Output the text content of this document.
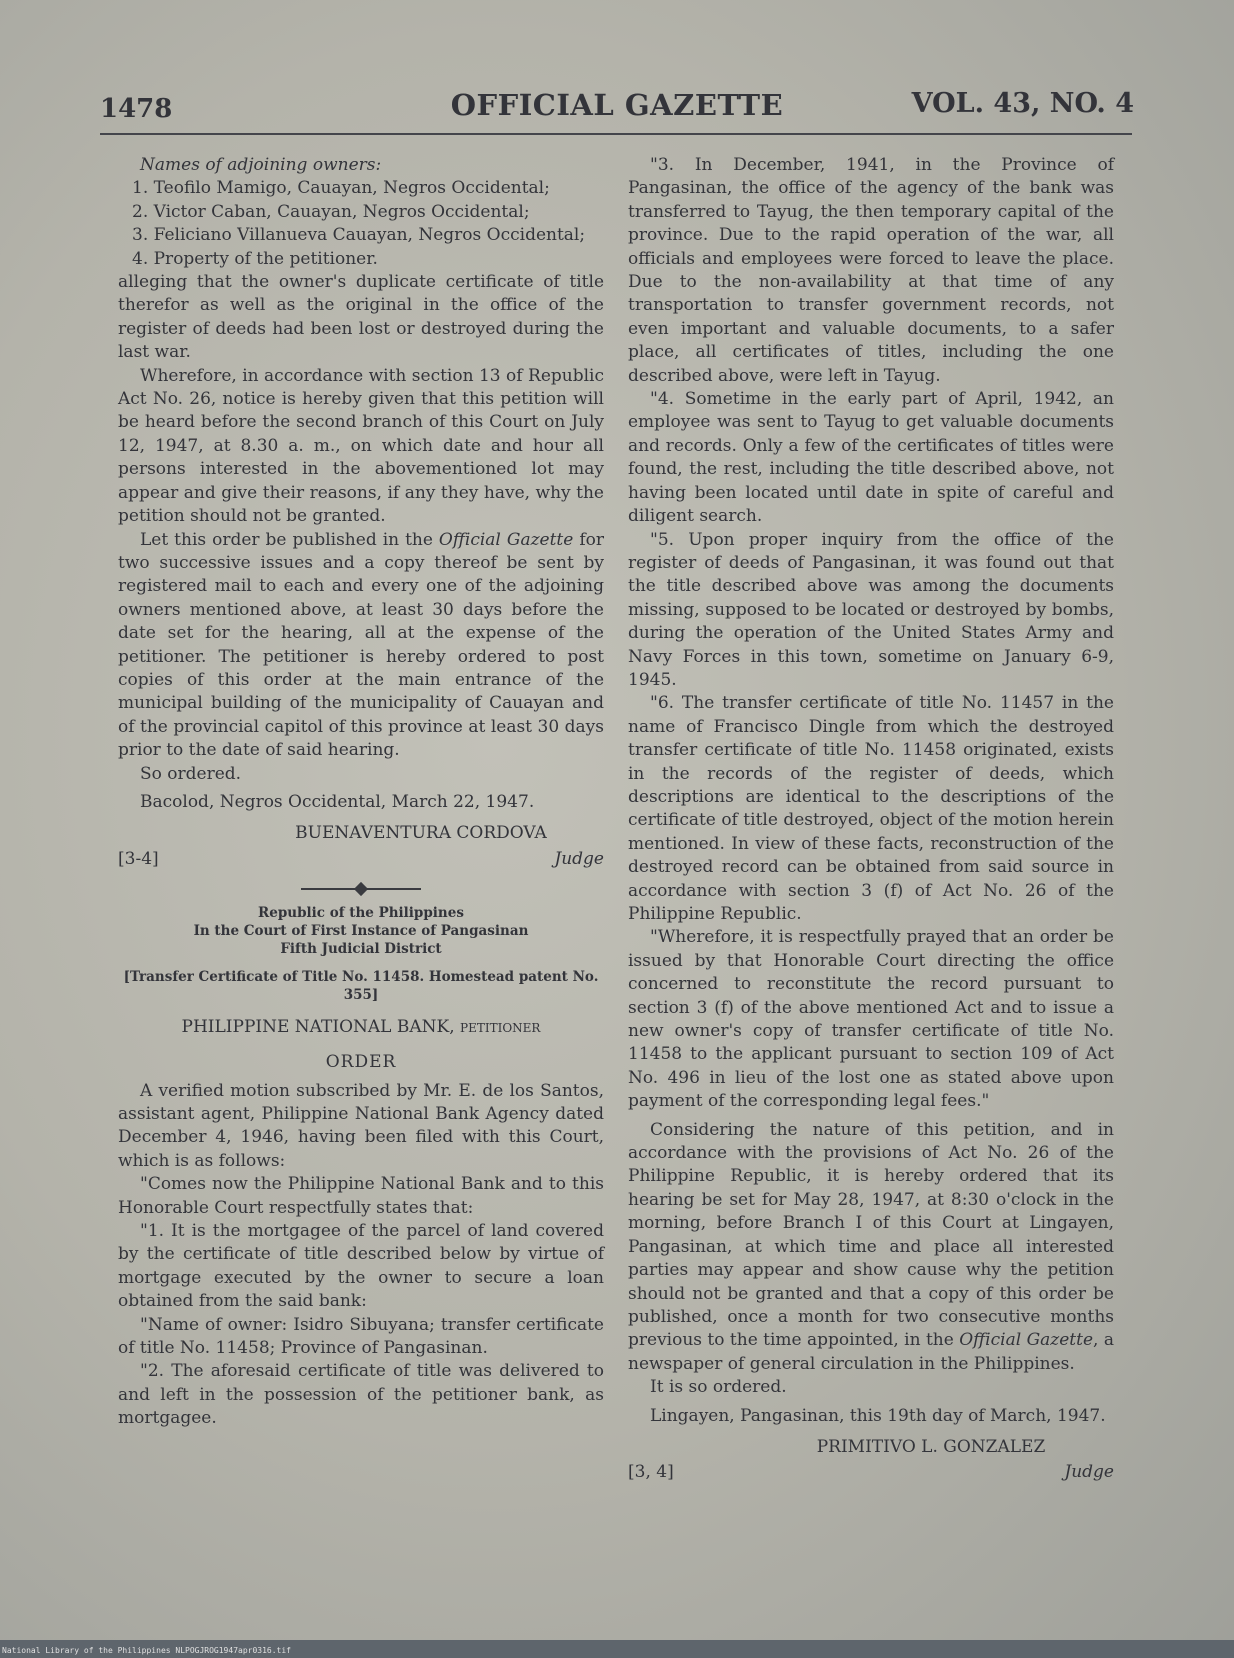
1478	OFFICIAL GAZETTE	VOL. 43, NO. 4

Names of adjoining owners:

1. Teofilo Mamigo, Cauayan, Negros Occidental;

2. Victor Caban, Cauayan, Negros Occidental;

3. Feliciano Villanueva Cauayan, Negros Occidental;

4. Property of the petitioner.

alleging that the owner's duplicate certificate of title therefor as well as the original in the office of the register of deeds had been lost or destroyed during the last war.

Wherefore, in accordance with section 13 of Republic Act No. 26, notice is hereby given that this petition will be heard before the second branch of this Court on July 12, 1947, at 8.30 a. m., on which date and hour all persons interested in the abovementioned lot may appear and give their reasons, if any they have, why the petition should not be granted.

Let this order be published in the Official Gazette for two successive issues and a copy thereof be sent by registered mail to each and every one of the adjoining owners mentioned above, at least 30 days before the date set for the hearing, all at the expense of the petitioner. The petitioner is hereby ordered to post copies of this order at the main entrance of the municipal building of the municipality of Cauayan and of the provincial capitol of this province at least 30 days prior to the date of said hearing.

So ordered.

Bacolod, Negros Occidental, March 22, 1947.

BUENAVENTURA CORDOVA

[3-4]	Judge

Republic of the Philippines

In the Court of First Instance of Pangasinan

Fifth Judicial District

[Transfer Certificate of Title No. 11458. Homestead patent No. 355]

PHILIPPINE NATIONAL BANK, petitioner

ORDER

A verified motion subscribed by Mr. E. de los Santos, assistant agent, Philippine National Bank Agency dated December 4, 1946, having been filed with this Court, which is as follows:

"Comes now the Philippine National Bank and to this Honorable Court respectfully states that:

"1. It is the mortgagee of the parcel of land covered by the certificate of title described below by virtue of mortgage executed by the owner to secure a loan obtained from the said bank:

"Name of owner: Isidro Sibuyana; transfer certificate of title No. 11458; Province of Pangasinan.

"2. The aforesaid certificate of title was delivered to and left in the possession of the petitioner bank, as mortgagee.

"3. In December, 1941, in the Province of Pangasinan, the office of the agency of the bank was transferred to Tayug, the then temporary capital of the province. Due to the rapid operation of the war, all officials and employees were forced to leave the place. Due to the non-availability at that time of any transportation to transfer government records, not even important and valuable documents, to a safer place, all certificates of titles, including the one described above, were left in Tayug.

"4. Sometime in the early part of April, 1942, an employee was sent to Tayug to get valuable documents and records. Only a few of the certificates of titles were found, the rest, including the title described above, not having been located until date in spite of careful and diligent search.

"5. Upon proper inquiry from the office of the register of deeds of Pangasinan, it was found out that the title described above was among the documents missing, supposed to be located or destroyed by bombs, during the operation of the United States Army and Navy Forces in this town, sometime on January 6-9, 1945.

"6. The transfer certificate of title No. 11457 in the name of Francisco Dingle from which the destroyed transfer certificate of title No. 11458 originated, exists in the records of the register of deeds, which descriptions are identical to the descriptions of the certificate of title destroyed, object of the motion herein mentioned. In view of these facts, reconstruction of the destroyed record can be obtained from said source in accordance with section 3 (f) of Act No. 26 of the Philippine Republic.

"Wherefore, it is respectfully prayed that an order be issued by that Honorable Court directing the office concerned to reconstitute the record pursuant to section 3 (f) of the above mentioned Act and to issue a new owner's copy of transfer certificate of title No. 11458 to the applicant pursuant to section 109 of Act No. 496 in lieu of the lost one as stated above upon payment of the corresponding legal fees."

Considering the nature of this petition, and in accordance with the provisions of Act No. 26 of the Philippine Republic, it is hereby ordered that its hearing be set for May 28, 1947, at 8:30 o'clock in the morning, before Branch I of this Court at Lingayen, Pangasinan, at which time and place all interested parties may appear and show cause why the petition should not be granted and that a copy of this order be published, once a month for two consecutive months previous to the time appointed, in the Official Gazette, a newspaper of general circulation in the Philippines.

It is so ordered.

Lingayen, Pangasinan, this 19th day of March, 1947.

PRIMITIVO L. GONZALEZ

[3, 4]	Judge
National Library of the Philippines NLPOGJROG1947apr0316.tif
